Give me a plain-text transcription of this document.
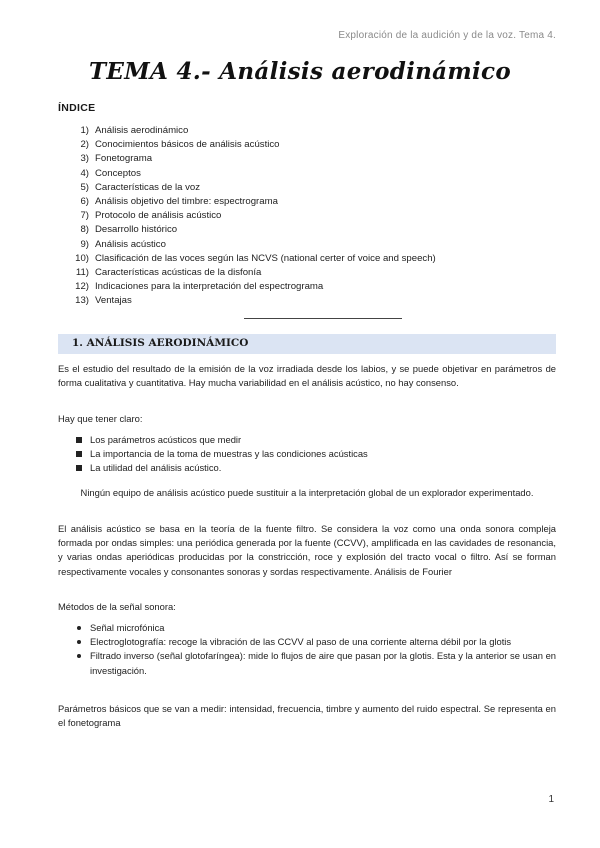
Exploración de la audición y de la voz. Tema 4.
TEMA 4.- Análisis aerodinámico
ÍNDICE
1) Análisis aerodinámico
2) Conocimientos básicos de análisis acústico
3) Fonetograma
4) Conceptos
5) Características de la voz
6) Análisis objetivo del timbre: espectrograma
7) Protocolo de análisis acústico
8) Desarrollo histórico
9) Análisis acústico
10) Clasificación de las voces según las NCVS (national certer of voice and speech)
11) Características acústicas de la disfonía
12) Indicaciones para la interpretación del espectrograma
13) Ventajas
1. ANÁLISIS AERODINÁMICO

Es el estudio del resultado de la emisión de la voz irradiada desde los labios, y se puede objetivar en parámetros de forma cualitativa y cuantitativa. Hay mucha variabilidad en el análisis acústico, no hay consenso.

Hay que tener claro:

Los parámetros acústicos que medir
La importancia de la toma de muestras y las condiciones acústicas
La utilidad del análisis acústico.

Ningún equipo de análisis acústico puede sustituir a la interpretación global de un explorador experimentado.

El análisis acústico se basa en la teoría de la fuente filtro. Se considera la voz como una onda sonora compleja formada por ondas simples: una periódica generada por la fuente (CCVV), amplificada en las cavidades de resonancia, y varias ondas aperiódicas producidas por la constricción, roce y explosión del tracto vocal o filtro. Así se forman respectivamente vocales y consonantes sonoras y sordas respectivamente. Análisis de Fourier

Métodos de la señal sonora:

Señal microfónica
Electroglotografía: recoge la vibración de las CCVV al paso de una corriente alterna débil por la glotis
Filtrado inverso (señal glotofaríngea): mide lo flujos de aire que pasan por la glotis. Esta y la anterior se usan en investigación.

Parámetros básicos que se van a medir: intensidad, frecuencia, timbre y aumento del ruido espectral. Se representa en el fonetograma

1
